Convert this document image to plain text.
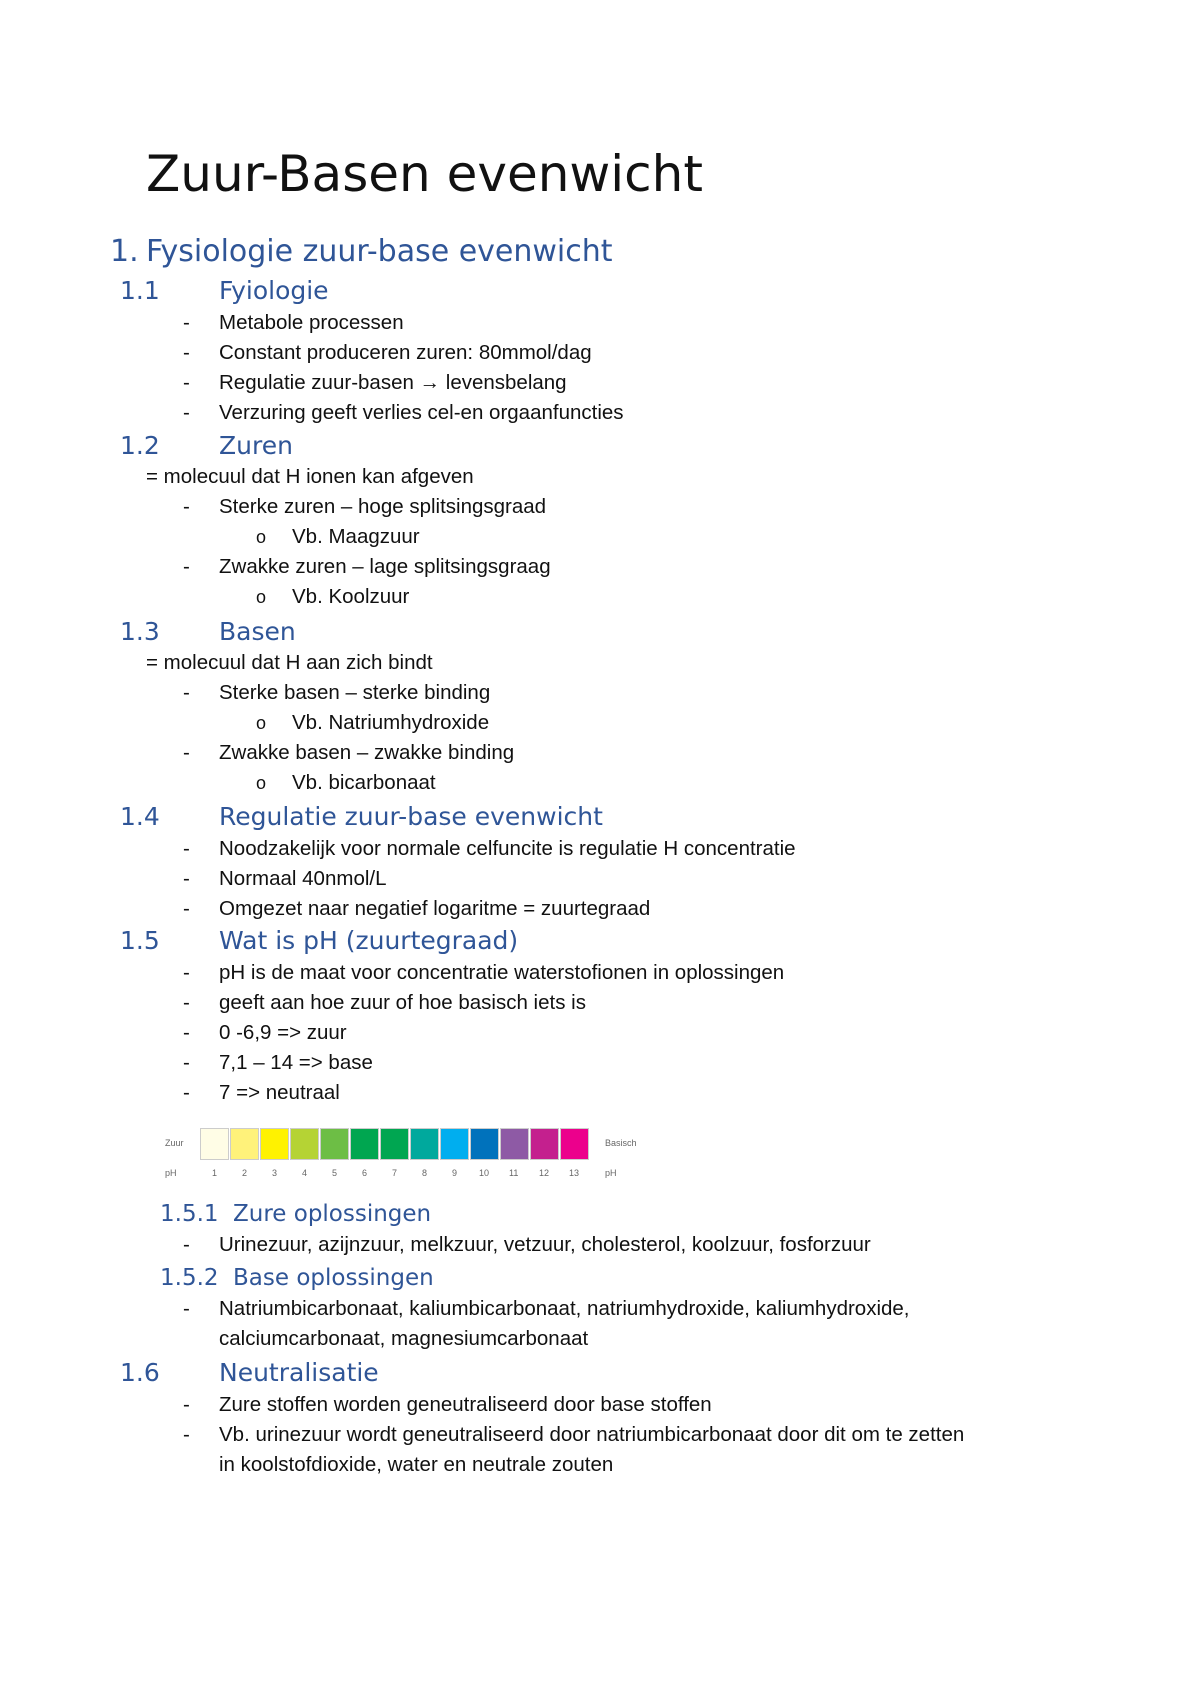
Zuur-Basen evenwicht
1. Fysiologie zuur-base evenwicht
1.1 Fyiologie
- Metabole processen
- Constant produceren zuren: 80mmol/dag
- Regulatie zuur-basen → levensbelang
- Verzuring geeft verlies cel-en orgaanfuncties
1.2 Zuren
= molecuul dat H ionen kan afgeven
- Sterke zuren – hoge splitsingsgraad
o Vb. Maagzuur
- Zwakke zuren – lage splitsingsgraag
o Vb. Koolzuur
1.3 Basen
= molecuul dat H aan zich bindt
- Sterke basen – sterke binding
o Vb. Natriumhydroxide
- Zwakke basen – zwakke binding
o Vb. bicarbonaat
1.4 Regulatie zuur-base evenwicht
- Noodzakelijk voor normale celfuncite is regulatie H concentratie
- Normaal 40nmol/L
- Omgezet naar negatief logaritme = zuurtegraad
1.5 Wat is pH (zuurtegraad)
- pH is de maat voor concentratie waterstofionen in oplossingen
- geeft aan hoe zuur of hoe basisch iets is
- 0 -6,9 => zuur
- 7,1 – 14 => base
- 7 => neutraal
Zuur	Basisch
pH	pH
1	2	3	4	5	6	7	8	9 10 11 12 13
1.5.1 Zure oplossingen
- Urinezuur, azijnzuur, melkzuur, vetzuur, cholesterol, koolzuur, fosforzuur
1.5.2 Base oplossingen
- Natriumbicarbonaat, kaliumbicarbonaat, natriumhydroxide, kaliumhydroxide,
calciumcarbonaat, magnesiumcarbonaat
1.6 Neutralisatie
- Zure stoffen worden geneutraliseerd door base stoffen
- Vb. urinezuur wordt geneutraliseerd door natriumbicarbonaat door dit om te zetten
in koolstofdioxide, water en neutrale zouten
